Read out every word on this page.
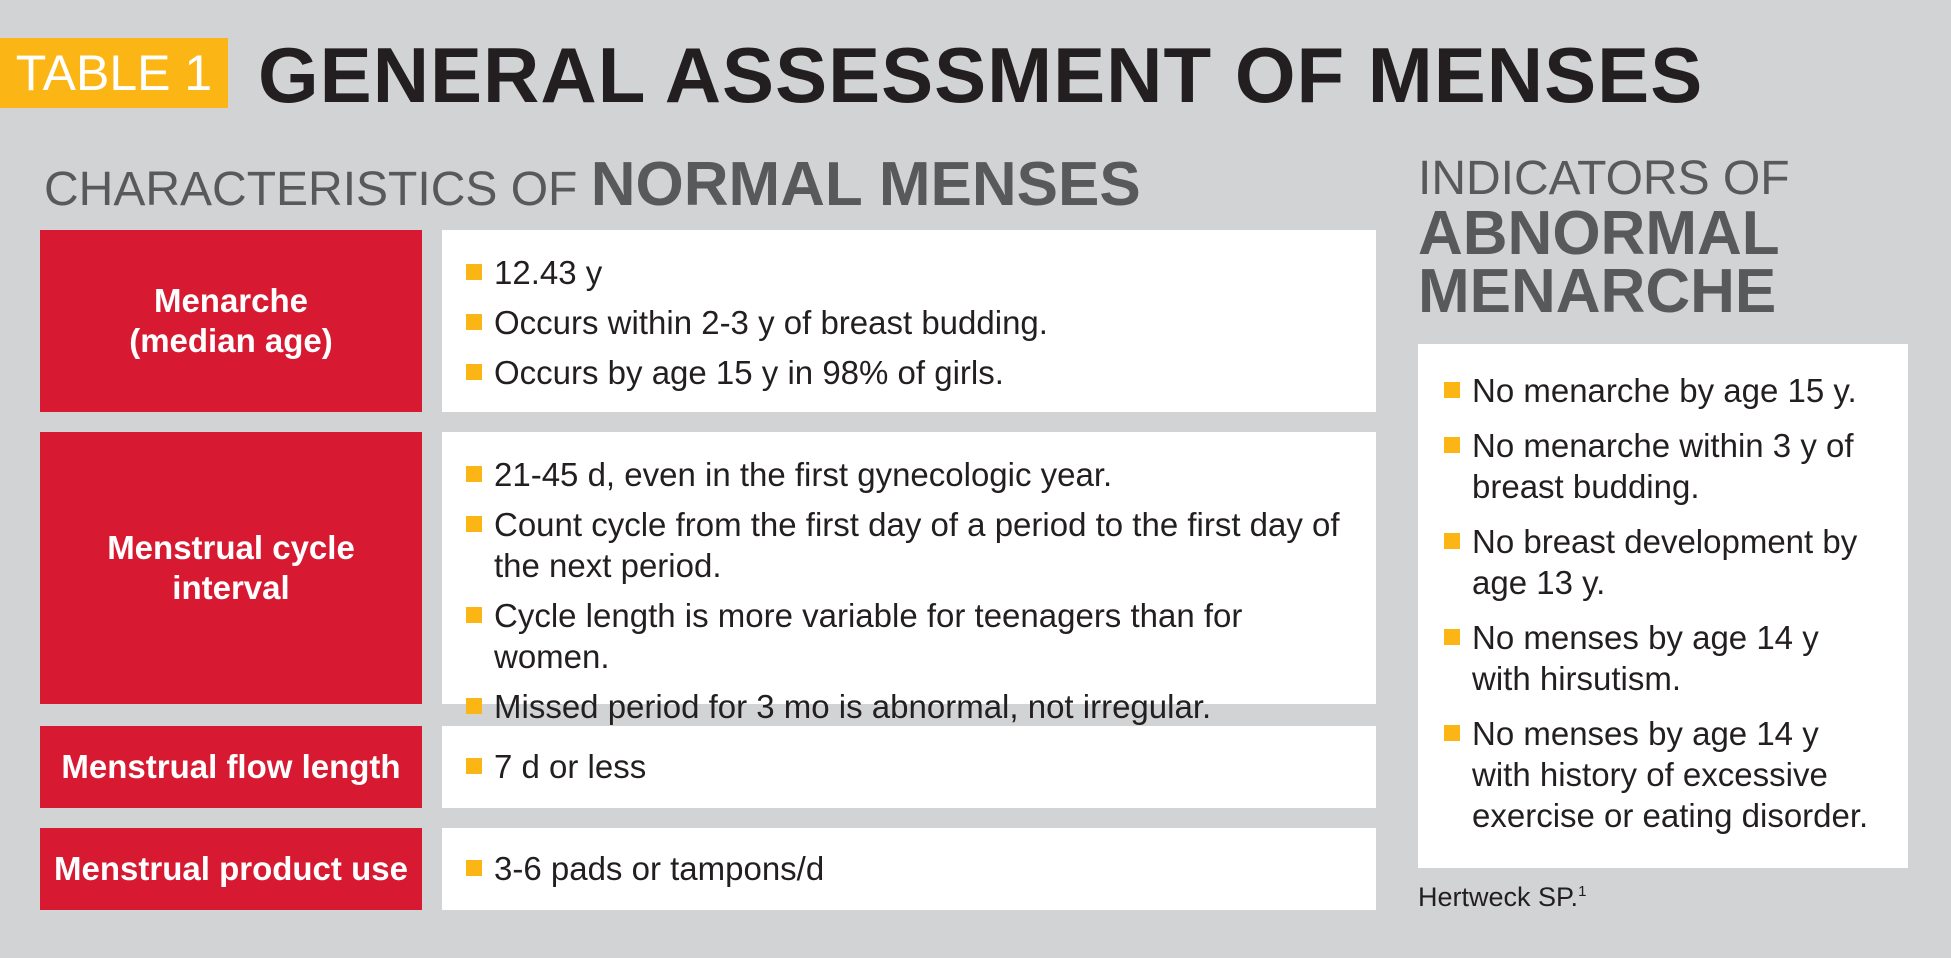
TABLE 1 GENERAL ASSESSMENT OF MENSES
CHARACTERISTICS OF NORMAL MENSES
Menarche
(median age)
12.43 y
Occurs within 2-3 y of breast budding.
Occurs by age 15 y in 98% of girls.
Menstrual cycle
interval
21-45 d, even in the first gynecologic year.
Count cycle from the first day of a period to the first day of the next period.
Cycle length is more variable for teenagers than for women.
Missed period for 3 mo is abnormal, not irregular.
Menstrual flow length	7 d or less
Menstrual product use	3-6 pads or tampons/d
INDICATORS OF
ABNORMAL
MENARCHE
No menarche by age 15 y.
No menarche within 3 y of breast budding.
No breast development by age 13 y.
No menses by age 14 y with hirsutism.
No menses by age 14 y with history of excessive exercise or eating disorder.
Hertweck SP.$^1$
